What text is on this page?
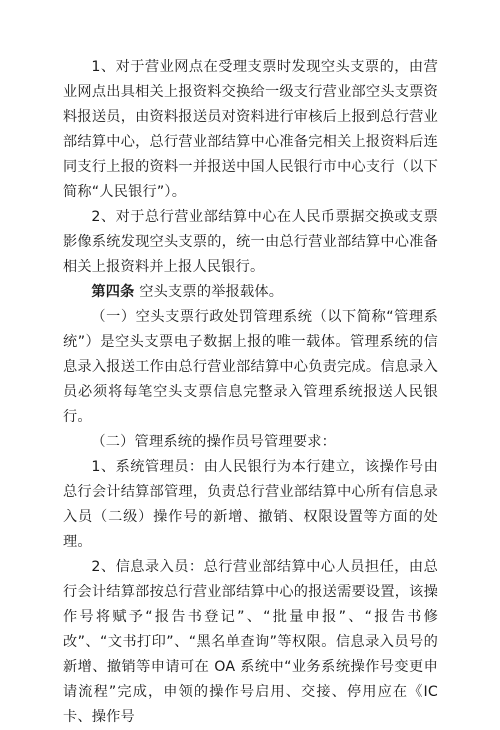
1、对于营业网点在受理支票时发现空头支票的，由营业网点出具相关上报资料交换给一级支行营业部空头支票资料报送员，由资料报送员对资料进行审核后上报到总行营业部结算中心，总行营业部结算中心准备完相关上报资料后连同支行上报的资料一并报送中国人民银行市中心支行（以下简称“人民银行”）。

2、对于总行营业部结算中心在人民币票据交换或支票影像系统发现空头支票的，统一由总行营业部结算中心准备相关上报资料并上报人民银行。

第四条 空头支票的举报载体。

（一）空头支票行政处罚管理系统（以下简称“管理系统”）是空头支票电子数据上报的唯一载体。管理系统的信息录入报送工作由总行营业部结算中心负责完成。信息录入员必须将每笔空头支票信息完整录入管理系统报送人民银行。

（二）管理系统的操作员号管理要求：

1、系统管理员：由人民银行为本行建立，该操作号由总行会计结算部管理，负责总行营业部结算中心所有信息录入员（二级）操作号的新增、撤销、权限设置等方面的处理。

2、信息录入员：总行营业部结算中心人员担任，由总行会计结算部按总行营业部结算中心的报送需要设置，该操作号将赋予“报告书登记”、“批量申报”、“报告书修改”、“文书打印”、“黑名单查询”等权限。信息录入员号的新增、撤销等申请可在 OA 系统中“业务系统操作号变更申请流程”完成，申领的操作号启用、交接、停用应在《IC 卡、操作号
